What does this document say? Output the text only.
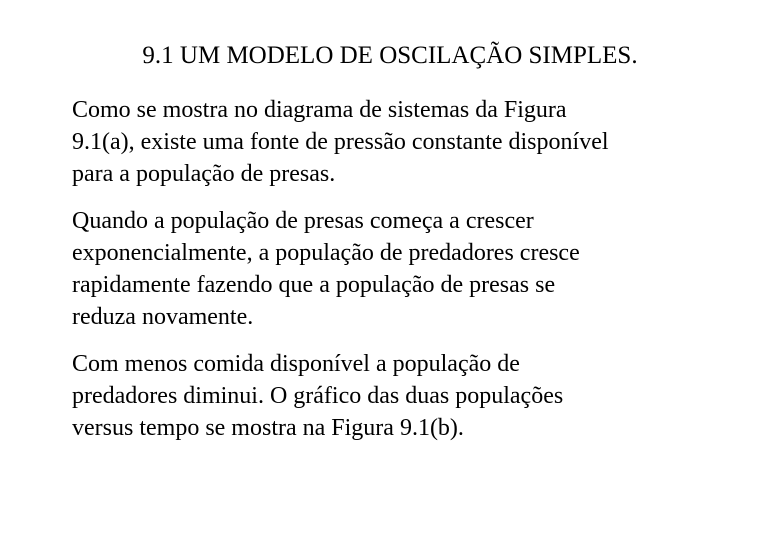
9.1 UM MODELO DE OSCILAÇÃO SIMPLES.

Como se mostra no diagrama de sistemas da Figura
9.1(a), existe uma fonte de pressão constante disponível
para a população de presas.

Quando a população de presas começa a crescer
exponencialmente, a população de predadores cresce
rapidamente fazendo que a população de presas se
reduza novamente.

Com menos comida disponível a população de
predadores diminui. O gráfico das duas populações
versus tempo se mostra na Figura 9.1(b).
